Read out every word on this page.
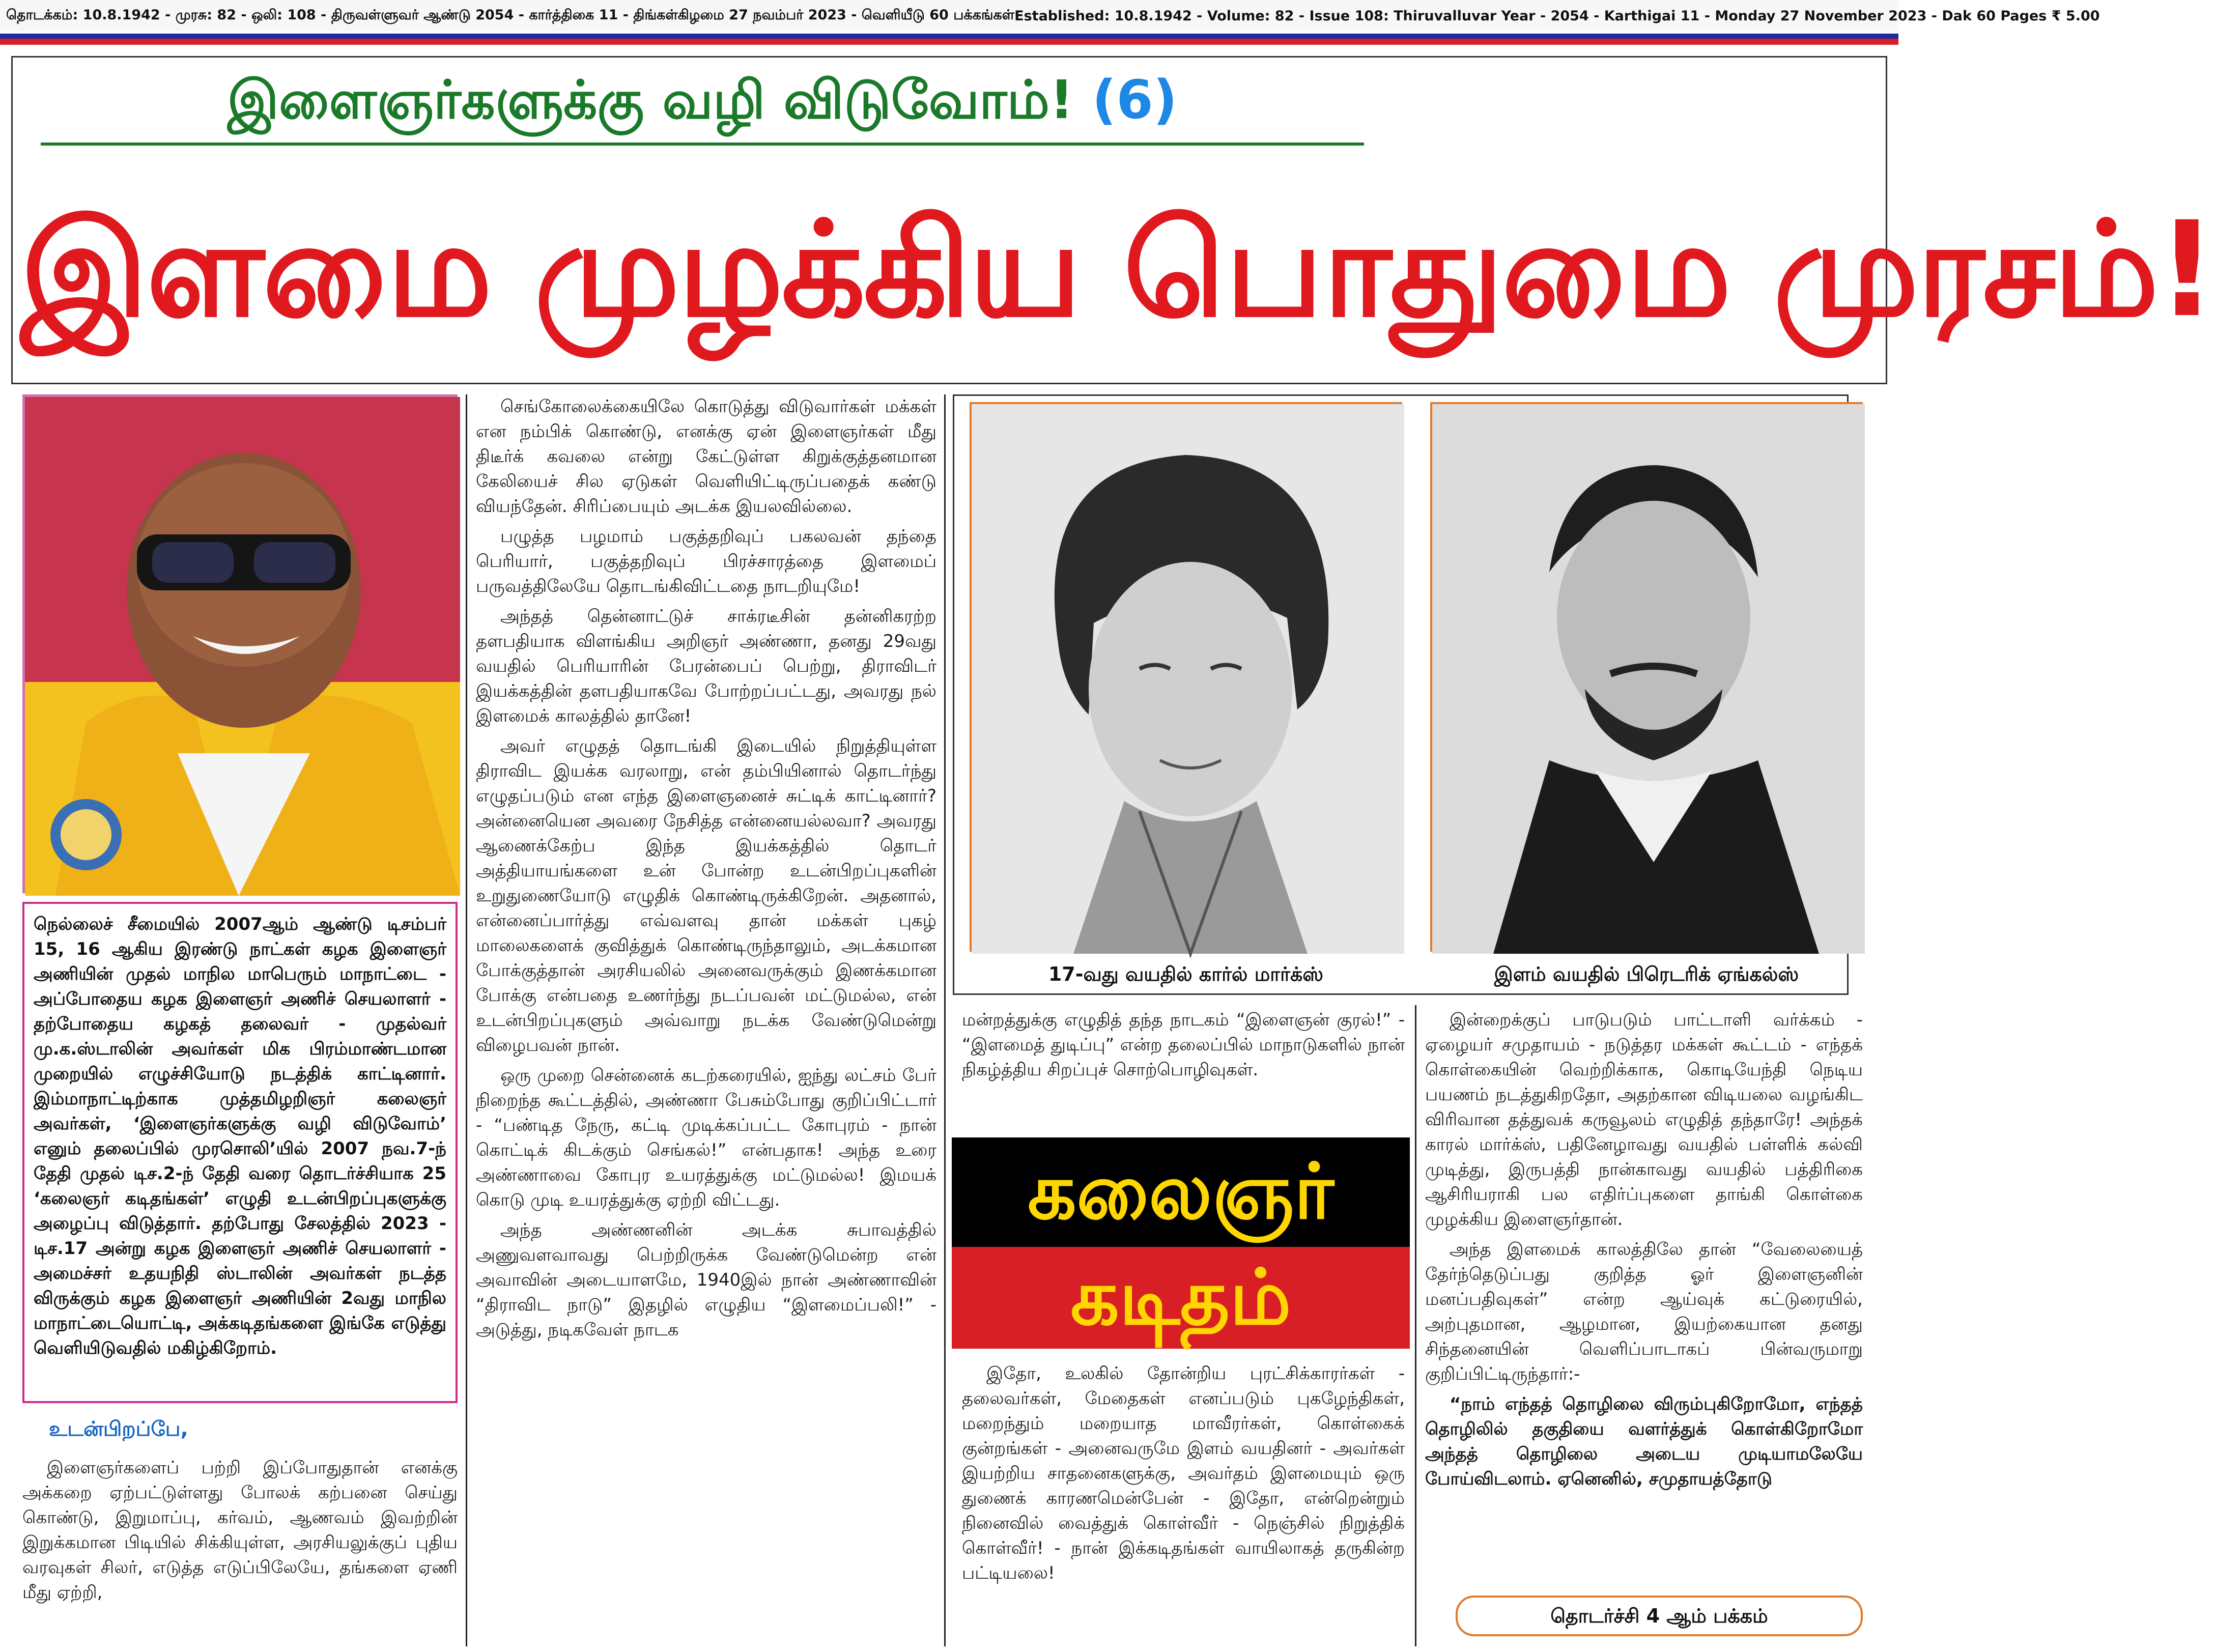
தொடக்கம்: 10.8.1942 - முரசு: 82 - ஒலி: 108 - திருவள்ளுவர் ஆண்டு 2054 - கார்த்திகை 11 - திங்கள்கிழமை 27 நவம்பர் 2023 - வெளியீடு 60 பக்கங்கள் Established: 10.8.1942 - Volume: 82 - Issue 108: Thiruvalluvar Year - 2054 - Karthigai 11 - Monday 27 November 2023 - Dak 60 Pages ₹ 5.00
இளைஞர்களுக்கு வழி விடுவோம்! (6)
இளமை முழக்கிய பொதுமை முரசம்!
நெல்லைச் சீமையில் 2007ஆம் ஆண்டு டிசம்பர் 15, 16 ஆகிய இரண்டு நாட்கள் கழக இளைஞர் அணியின் முதல் மாநில மாபெரும் மாநாட்டை - அப்போதைய கழக இளைஞர் அணிச் செயலாளர் - தற்போதைய கழகத் தலைவர் - முதல்வர் மு.க.ஸ்டாலின் அவர்கள் மிக பிரம்மாண்டமான முறையில் எழுச்சியோடு நடத்திக் காட்டினார். இம்மாநாட்டிற்காக முத்தமிழறிஞர் கலைஞர் அவர்கள், ‘இளைஞர்களுக்கு வழி விடுவோம்’ எனும் தலைப்பில் முரசொலி’யில் 2007 நவ.7-ந் தேதி முதல் டிச.2-ந் தேதி வரை தொடர்ச்சியாக 25 ‘கலைஞர் கடிதங்கள்’ எழுதி உடன்பிறப்புகளுக்கு அழைப்பு விடுத்தார். தற்போது சேலத்தில் 2023 - டிச.17 அன்று கழக இளைஞர் அணிச் செயலாளர் - அமைச்சர் உதயநிதி ஸ்டாலின் அவர்கள் நடத்த விருக்கும் கழக இளைஞர் அணியின் 2வது மாநில மாநாட்டையொட்டி, அக்கடிதங்களை இங்கே எடுத்து வெளியிடுவதில் மகிழ்கிறோம்.
உடன்பிறப்பே,

இளைஞர்களைப் பற்றி இப்போதுதான் எனக்கு அக்கறை ஏற்பட்டுள்ளது போலக் கற்பனை செய்து கொண்டு, இறுமாப்பு, கர்வம், ஆணவம் இவற்றின் இறுக்கமான பிடியில் சிக்கியுள்ள, அரசியலுக்குப் புதிய வரவுகள் சிலர், எடுத்த எடுப்பிலேயே, தங்களை ஏணி மீது ஏற்றி,

செங்கோலைக்கையிலே கொடுத்து விடுவார்கள் மக்கள் என நம்பிக் கொண்டு, எனக்கு ஏன் இளைஞர்கள் மீது திடீர்க் கவலை என்று கேட்டுள்ள கிறுக்குத்தனமான கேலியைச் சில ஏடுகள் வெளியிட்டிருப்பதைக் கண்டு வியந்தேன். சிரிப்பையும் அடக்க இயலவில்லை.

பழுத்த பழமாம் பகுத்தறிவுப் பகலவன் தந்தை பெரியார், பகுத்தறிவுப் பிரச்சாரத்தை இளமைப் பருவத்திலேயே தொடங்கிவிட்டதை நாடறியுமே!

அந்தத் தென்னாட்டுச் சாக்ரடீசின் தன்னிகரற்ற தளபதியாக விளங்கிய அறிஞர் அண்ணா, தனது 29வது வயதில் பெரியாரின் பேரன்பைப் பெற்று, திராவிடர் இயக்கத்தின் தளபதியாகவே போற்றப்பட்டது, அவரது நல் இளமைக் காலத்தில் தானே!

அவர் எழுதத் தொடங்கி இடையில் நிறுத்தியுள்ள திராவிட இயக்க வரலாறு, என் தம்பியினால் தொடர்ந்து எழுதப்படும் என எந்த இளைஞனைச் சுட்டிக் காட்டினார்? அன்னையென அவரை நேசித்த என்னையல்லவா? அவரது ஆணைக்கேற்ப இந்த இயக்கத்தில் தொடர் அத்தியாயங்களை உன் போன்ற உடன்பிறப்புகளின் உறுதுணையோடு எழுதிக் கொண்டிருக்கிறேன். அதனால், என்னைப்பார்த்து எவ்வளவு தான் மக்கள் புகழ் மாலைகளைக் குவித்துக் கொண்டிருந்தாலும், அடக்கமான போக்குத்தான் அரசியலில் அனைவருக்கும் இணக்கமான போக்கு என்பதை உணர்ந்து நடப்பவன் மட்டுமல்ல, என் உடன்பிறப்புகளும் அவ்வாறு நடக்க வேண்டுமென்று விழைபவன் நான்.

ஒரு முறை சென்னைக் கடற்கரையில், ஐந்து லட்சம் பேர் நிறைந்த கூட்டத்தில், அண்ணா பேசும்போது குறிப்பிட்டார் - “பண்டித நேரு, கட்டி முடிக்கப்பட்ட கோபுரம் - நான் கொட்டிக் கிடக்கும் செங்கல்!” என்பதாக! அந்த உரை அண்ணாவை கோபுர உயரத்துக்கு மட்டுமல்ல! இமயக் கொடு முடி உயரத்துக்கு ஏற்றி விட்டது.

அந்த அண்ணனின் அடக்க சுபாவத்தில் அணுவளவாவது பெற்றிருக்க வேண்டுமென்ற என் அவாவின் அடையாளமே, 1940இல் நான் அண்ணாவின் “திராவிட நாடு” இதழில் எழுதிய “இளமைப்பலி!” - அடுத்து, நடிகவேள் நாடக

17-வது வயதில் கார்ல் மார்க்ஸ்	இளம் வயதில் பிரெடரிக் ஏங்கல்ஸ்

மன்றத்துக்கு எழுதித் தந்த நாடகம் “இளைஞன் குரல்!” - “இளமைத் துடிப்பு” என்ற தலைப்பில் மாநாடுகளில் நான் நிகழ்த்திய சிறப்புச் சொற்பொழிவுகள்.

கலைஞர்
கடிதம்

இதோ, உலகில் தோன்றிய புரட்சிக்காரர்கள் - தலைவர்கள், மேதைகள் எனப்படும் புகழேந்திகள், மறைந்தும் மறையாத மாவீரர்கள், கொள்கைக் குன்றங்கள் - அனைவருமே இளம் வயதினர் - அவர்கள் இயற்றிய சாதனைகளுக்கு, அவர்தம் இளமையும் ஒரு துணைக் காரணமென்பேன் - இதோ, என்றென்றும் நினைவில் வைத்துக் கொள்வீர் - நெஞ்சில் நிறுத்திக் கொள்வீர்! - நான் இக்கடிதங்கள் வாயிலாகத் தருகின்ற பட்டியலை!

இன்றைக்குப் பாடுபடும் பாட்டாளி வர்க்கம் - ஏழையர் சமுதாயம் - நடுத்தர மக்கள் கூட்டம் - எந்தக் கொள்கையின் வெற்றிக்காக, கொடியேந்தி நெடிய பயணம் நடத்துகிறதோ, அதற்கான விடியலை வழங்கிட விரிவான தத்துவக் கருவூலம் எழுதித் தந்தாரே! அந்தக் காரல் மார்க்ஸ், பதினேழாவது வயதில் பள்ளிக் கல்வி முடித்து, இருபத்தி நான்காவது வயதில் பத்திரிகை ஆசிரியராகி பல எதிர்ப்புகளை தாங்கி கொள்கை முழக்கிய இளைஞர்தான்.

அந்த இளமைக் காலத்திலே தான் “வேலையைத் தேர்ந்தெடுப்பது குறித்த ஓர் இளைஞனின் மனப்பதிவுகள்” என்ற ஆய்வுக் கட்டுரையில், அற்புதமான, ஆழமான, இயற்கையான தனது சிந்தனையின் வெளிப்பாடாகப் பின்வருமாறு குறிப்பிட்டிருந்தார்:-

“நாம் எந்தத் தொழிலை விரும்புகிறோமோ, எந்தத் தொழிலில் தகுதியை வளர்த்துக் கொள்கிறோமோ அந்தத் தொழிலை அடைய முடியாமலேயே போய்விடலாம். ஏனெனில், சமுதாயத்தோடு

தொடர்ச்சி 4 ஆம் பக்கம்
